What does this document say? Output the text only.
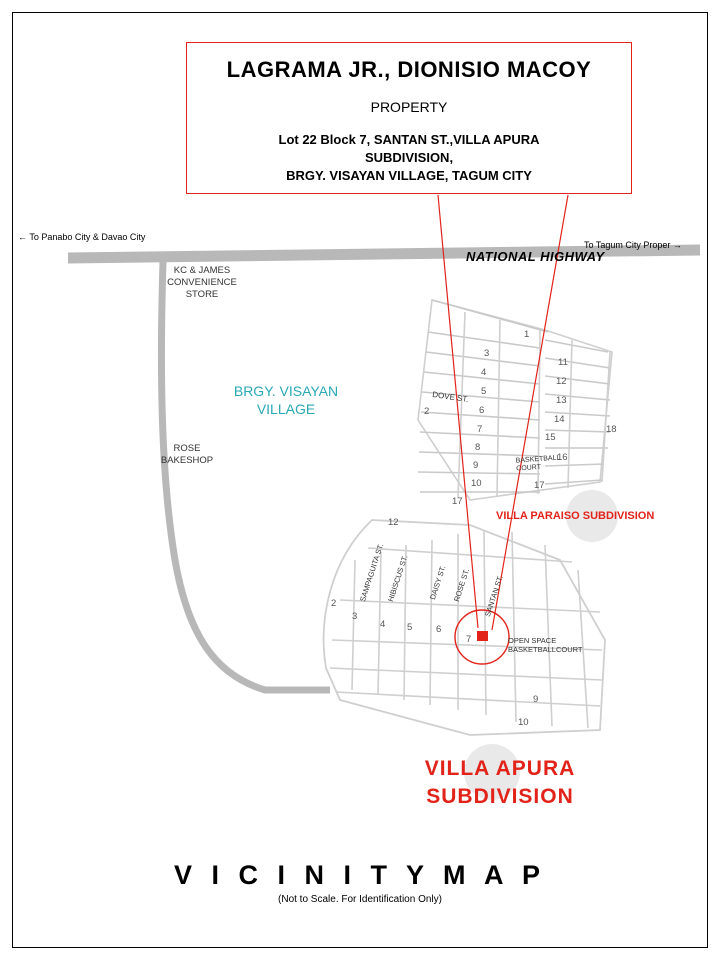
LAGRAMA JR., DIONISIO MACOY
PROPERTY
Lot 22 Block 7, SANTAN ST.,VILLA APURA
SUBDIVISION,
BRGY. VISAYAN VILLAGE, TAGUM CITY
← To Panabo City & Davao City
To Tagum City Proper →
NATIONAL HIGHWAY
KC & JAMES
CONVENIENCE
STORE
ROSE
BAKESHOP
BRGY. VISAYAN
VILLAGE
VILLA PARAISO SUBDIVISION
VILLA APURA
SUBDIVISION
DOVE ST.
BASKETBALL
COURT
OPEN SPACE
BASKETBALLCOURT
SAMPAGUITA ST. HIBISCUS ST. DAISY ST. ROSE ST. SANTAN ST.
1
2
3
4
5
6
7
8
9
10
11
12
13
14
15
16
17
17
18
12
2
3
4 5 6
7
9
10
V I C I N I T Y M A P
(Not to Scale. For Identification Only)
